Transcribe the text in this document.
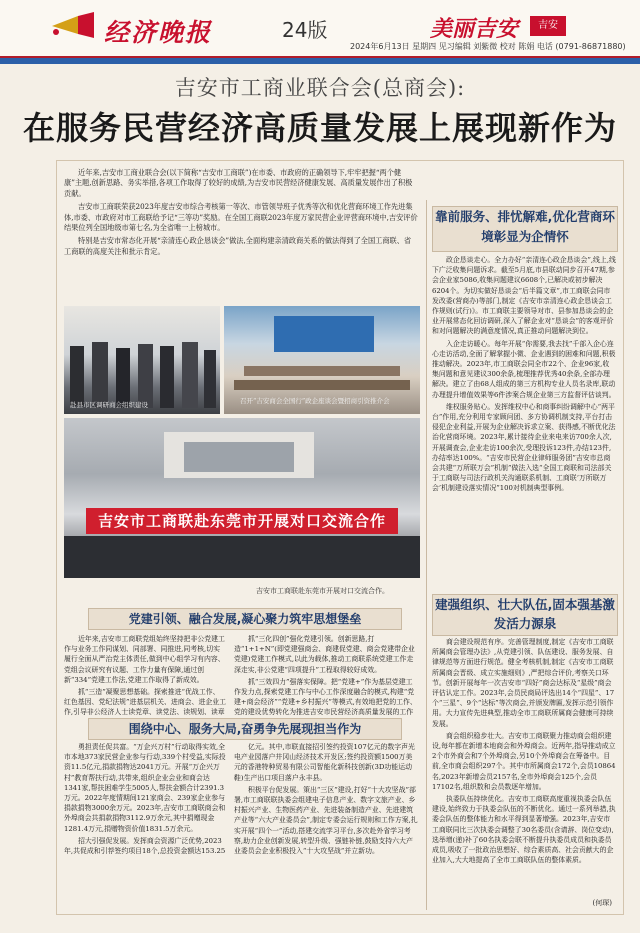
经济晚报	24版	美丽吉安	吉安
2024年6月13日 星期四 见习编辑 刘紫微 校对 陈娟 电话 (0791-86871880)
吉安市工商业联合会(总商会):
在服务民营经济高质量发展上展现新作为

近年来,吉安市工商业联合会(以下简称“吉安市工商联”)在市委、市政府的正确领导下,牢牢把握“两个健康”主题,创新思路、务实举措,各项工作取得了较好的成绩,为吉安市民营经济健康发展、高质量发展作出了积极贡献。

吉安市工商联荣获2023年度吉安市综合考核第一等次、市管领导班子优秀等次和优化营商环境工作先进集体,市委、市政府对市工商联给予记“三等功”奖励。在全国工商联2023年度万家民营企业评营商环境中,吉安评价结果位列全国地级市第七名,为全省唯一上榜城市。

特别是吉安市常态化开展“亲清连心政企恳谈会”做法,全面构建亲清政商关系的做法得到了全国工商联、省工商联的高度关注和批示肯定。

赴县市区调研商会组织建设	召开“吉安商会全国行”政企座谈会暨招商引资推介会
吉安市工商联赴东莞市开展对口交流合作
吉安市工商联赴东莞市开展对口交流合作。
靠前服务、排忧解难,优化营商环境彰显为企情怀

政企恳谈走心。全力办好“亲清连心政企恳谈会”,线上,线下广泛收集问题诉求。截至5月底,市县联动同步召开47期,参会企业家5086,收集问题建议6608个,已解决或初步解决6204个。为切实做好恳谈会“后半篇文章”,市工商联会同市发改委(营商办)等部门,制定《吉安市亲清连心政企恳谈会工作规则(试行)》。市工商联主要领导对市、县参加恳谈会的企业开展常态化回访调研,深入了解企业对“恳谈会”的客观评价和对问题解决的满意度情况,真正推动问题解决到位。

入企走访暖心。每年开展“你需要,我去找”千部入企心连心走访活动,全面了解掌握小微、企业遇到的困难和问题,积极推动解决。2023年,市工商联会同全市22个、企业96家,收集问题和意见建议300余条,梳理推荐优秀40余条,全部办理解决。建立了由68人组成的第三方机构专业人员名录库,联动办理提升增值效果等6件涉案合规企业第三方监督评估谈判。

维权服务贴心。发挥维权中心和商事纠纷调解中心“两平台”作用,充分利用专家顾问团、多方协调机制支持,平台打击侵犯企业利益,开展为企业解决诉求立案、获得感,不断优化法治化营商环境。2023年,累计接待企业来电来访700余人次,开展调查会,企业走访100余次,受理投诉123件,办结123件,办结率达100%。“吉安市民营企业律师服务团”吉安市总商会共建“万所联万会”机制”做法入选“全国工商联和司法部关于工商联与司法行政机关沟通联系机制、工商联‘万所联万会’机制建设落实情况”100对机制典型事例。

建强组织、壮大队伍,固本强基激发活力源泉

商会建设规范有序。完善管理制度,制定《吉安市工商联所属商会管理办法》,从党建引领、队伍建设、服务发展、自律规范等方面进行规范。健全考核机制,制定《吉安市工商联所属商会晋级、成立实施细则》,严把综合评价,考察关口环节。创新开展每年一次吉安市“四好”商会达标及“星级”商会评估认定工作。2023年,会员民商局评选出14个“四星”、17个“三星”、9个“达标”等次商会,并颁发牌匾,发挥示范引领作用。大力宣传先进典型,推动全市工商联所属商会健康可持续发展。

商会组织稳步壮大。吉安市工商联聚力推动商会组织建设,每年都在新增本地商会和外埠商会。近两年,指导推动成立2个市外商会和7个外埠商会,另10个外埠商会在筹备中。目前,全市商会组织297个。其中市所属商会172个,会员10864名,2023年新增会员2157名,全市外埠商会125个,会员17102名,组织数和会员数逐年增加。

执委队伍持续优化。吉安市工商联高度重视执委会队伍建设,始终致力于执委会队伍的不断优化。通过一系列举措,执委会队伍的整体能力和水平得到显著增强。2023年,吉安市工商联同比三次执委会调整了30名委员(含请辞、岗位变动),选举增(递)补了60名执委会联不断提升执委员成员和执委员成员,吸收了一批政治思想好、综合素质高、社会贡献大的企业加入,大大地提高了全市工商联队伍的整体素质。

(何琛)
党建引领、融合发展,凝心聚力筑牢思想堡垒

近年来,吉安市工商联党组始终坚持把非公党建工作与业务工作同谋划、同部署、同推进,同考核,切实履行全面从严治党主体责任,做到中心组学习有内容、党组会议研究有议题、工作力量有保障,通过创新“334”党建工作法,党建工作取得了新成效。

抓“三造”凝聚思想基础。探索推进“优战工作、红色基因、党纪法规”进基层机关、进商会、进企业工作,引导非公经济人士读党章、读党法、读规划、读章

抓“三化四创”强化党建引领。创新思路,打造“1+1+N”(即党建强商会、商建促党建、商会党建带企业党建)党建工作模式,以此为载体,推动工商联系统党建工作走深走实,非公党建“四项提升”工程取得较好成效。

抓“三效四力”强落实保障。把“党建+”作为基层党建工作发力点,探索党建工作与中心工作深度融合的模式,构建“党建+商会经济”“党建+乡村振兴”等模式,有效地把党的工作、党的建设优势转化为推进吉安市民营经济高质量发展的工作

围绕中心、服务大局,奋勇争先展现担当作为

勇担责任促共富。“万企兴万村”行动取得实效,全市本地373家民营企业参与行动,339个村受益,实际投资11.5亿元,捐款捐物达2041万元。开展“万企兴万村”教育帮扶行动,共带来,组织企业会业和商会达1341家,帮扶困难学生5005人,帮扶金额合计2391.3万元。2022年度情期间121家商会、239家企业参与捐款捐物3000余万元。2023年,吉安市工商联商会和外埠商会共捐款捐物3112.9万余元,其中捐赠现金1281.4万元,捐赠物资价值1831.5万余元。

招大引强促发展。发挥商会资源广泛优势,2023年,共促成和引荐签约项目18个,总投资金额达153.25

亿元。其中,市联直接招引签约投资107亿元的数字声光电产业园落户井冈山经济技术开发区;签约投资额1500万美元的香港特种贸易有限公司智能化新科技创新(3D功能运动鞋)生产出口项目落户永丰县。

积极平台促发展。策出“三区”建设,打好“十大攻坚战”部署,市工商联联执委会组建电子信息产业、数字文旅产业、乡村振兴产业、生物医药产业、先进装备制造产业、先进建筑产业等“六大产业委员会”,制定专委会运行规则和工作方案,扎实开展“四个一”活动,搭建交流学习平台,多次赴外省学习考察,助力企业创新发展,转型升级、强链补链,鼓励支持六大产业委员会企业积极投入“十大攻坚战”并立新功。
